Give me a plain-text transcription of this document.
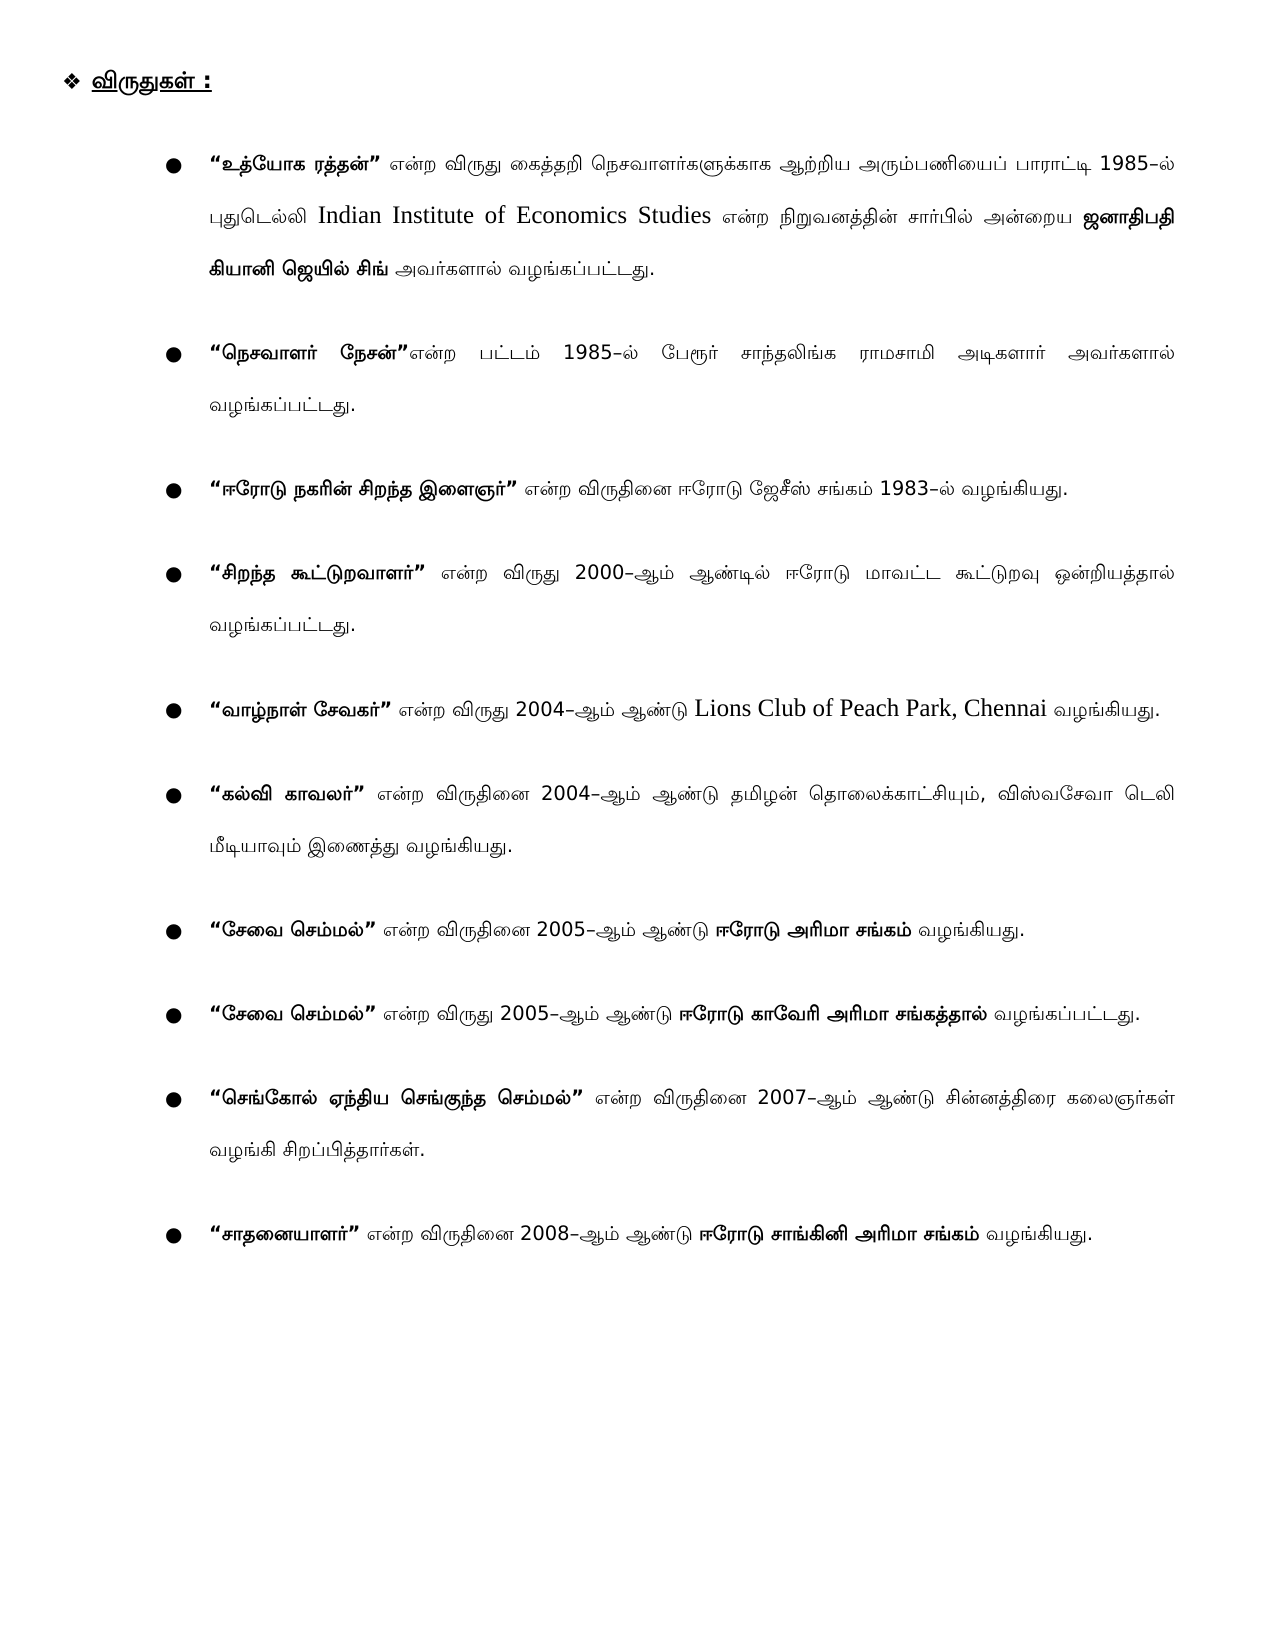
❖ விருதுகள் :
● “உத்யோக ரத்தன்” என்ற விருது கைத்தறி நெசவாளர்களுக்காக ஆற்றிய அரும்பணியைப் பாராட்டி 1985–ல் புதுடெல்லி Indian Institute of Economics Studies என்ற நிறுவனத்தின் சார்பில் அன்றைய ஜனாதிபதி கியானி ஜெயில் சிங் அவர்களால் வழங்கப்பட்டது.
● “நெசவாளர் நேசன்”என்ற பட்டம் 1985–ல் பேரூர் சாந்தலிங்க ராமசாமி அடிகளார் அவர்களால் வழங்கப்பட்டது.
● “ஈரோடு நகரின் சிறந்த இளைஞர்” என்ற விருதினை ஈரோடு ஜேசீஸ் சங்கம் 1983–ல் வழங்கியது.
● “சிறந்த கூட்டுறவாளர்” என்ற விருது 2000–ஆம் ஆண்டில் ஈரோடு மாவட்ட கூட்டுறவு ஒன்றியத்தால் வழங்கப்பட்டது.
● “வாழ்நாள் சேவகர்” என்ற விருது 2004–ஆம் ஆண்டு Lions Club of Peach Park, Chennai வழங்கியது.
● “கல்வி காவலர்” என்ற விருதினை 2004–ஆம் ஆண்டு தமிழன் தொலைக்காட்சியும், விஸ்வசேவா டெலி மீடியாவும் இணைத்து வழங்கியது.
● “சேவை செம்மல்” என்ற விருதினை 2005–ஆம் ஆண்டு ஈரோடு அரிமா சங்கம் வழங்கியது.
● “சேவை செம்மல்” என்ற விருது 2005–ஆம் ஆண்டு ஈரோடு காவேரி அரிமா சங்கத்தால் வழங்கப்பட்டது.
● “செங்கோல் ஏந்திய செங்குந்த செம்மல்” என்ற விருதினை 2007–ஆம் ஆண்டு சின்னத்திரை கலைஞர்கள் வழங்கி சிறப்பித்தார்கள்.
● “சாதனையாளர்” என்ற விருதினை 2008–ஆம் ஆண்டு ஈரோடு சாங்கினி அரிமா சங்கம் வழங்கியது.
